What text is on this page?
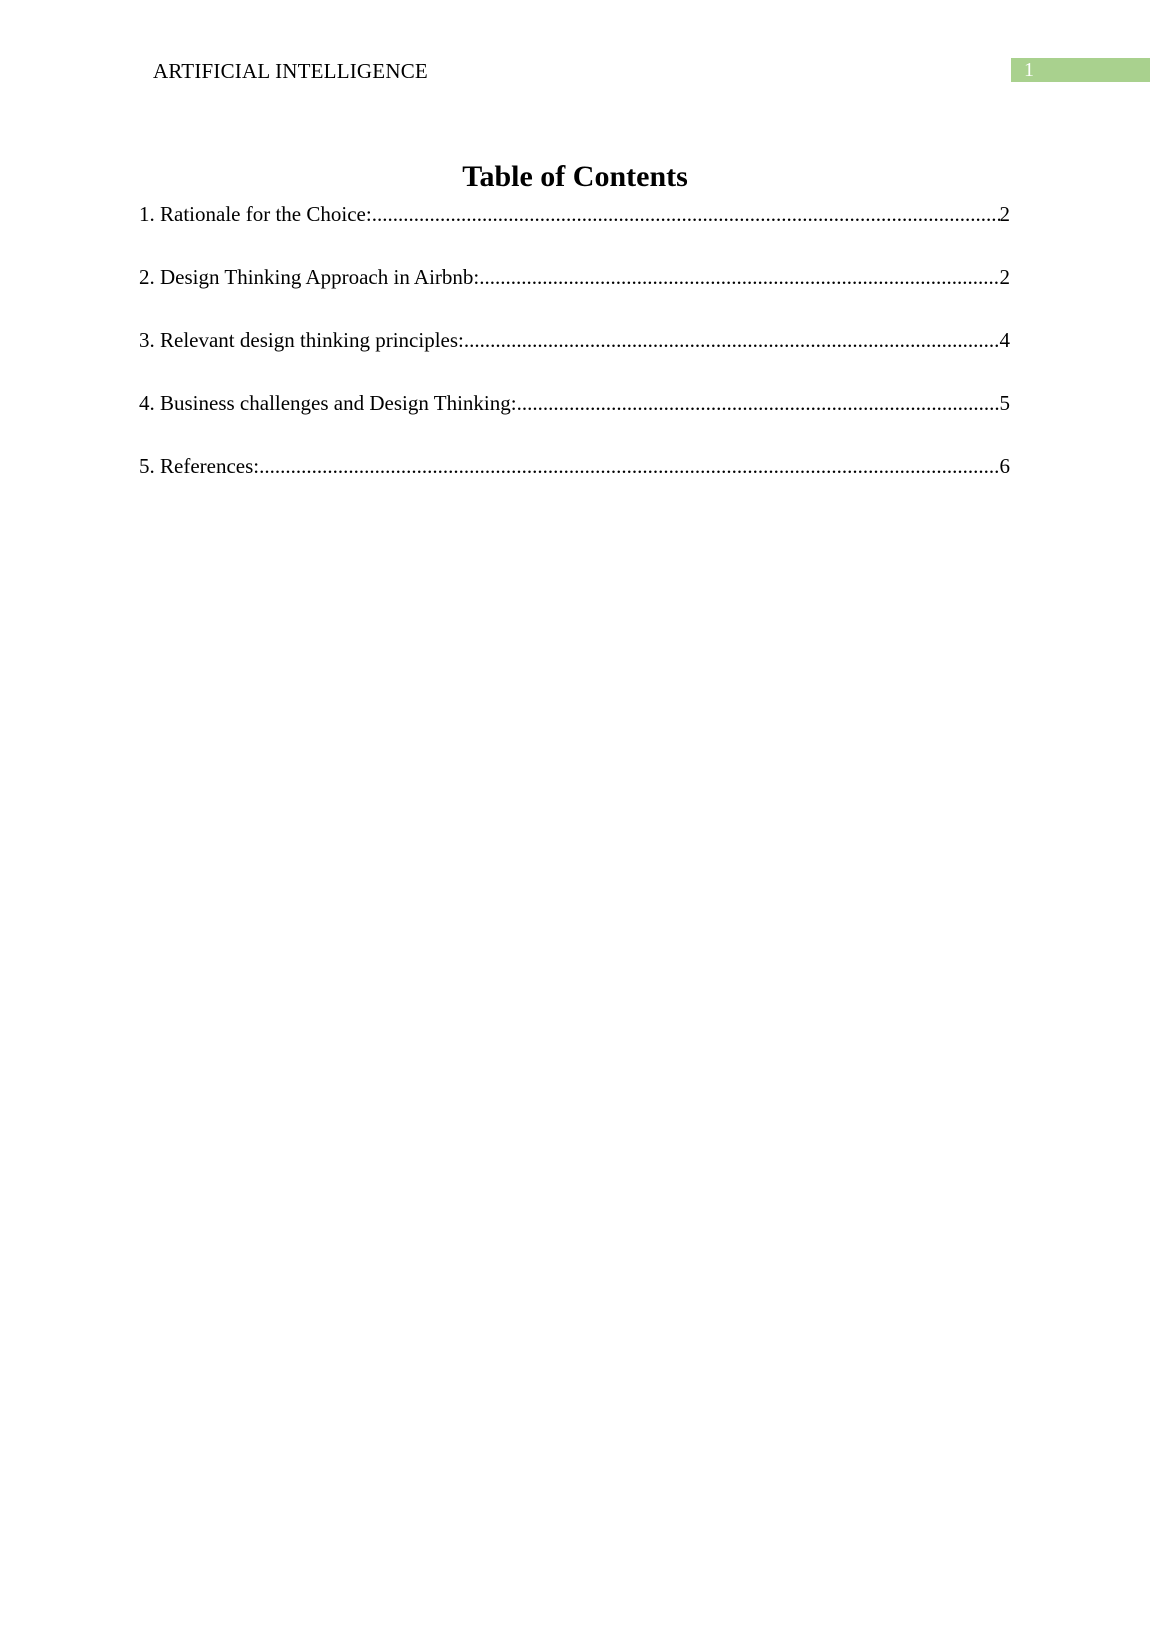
ARTIFICIAL INTELLIGENCE	1
Table of Contents
1. Rationale for the Choice: .....	2
2. Design Thinking Approach in Airbnb: .....	2
3. Relevant design thinking principles: .....	4
4. Business challenges and Design Thinking: .....	5
5. References: .....	6
